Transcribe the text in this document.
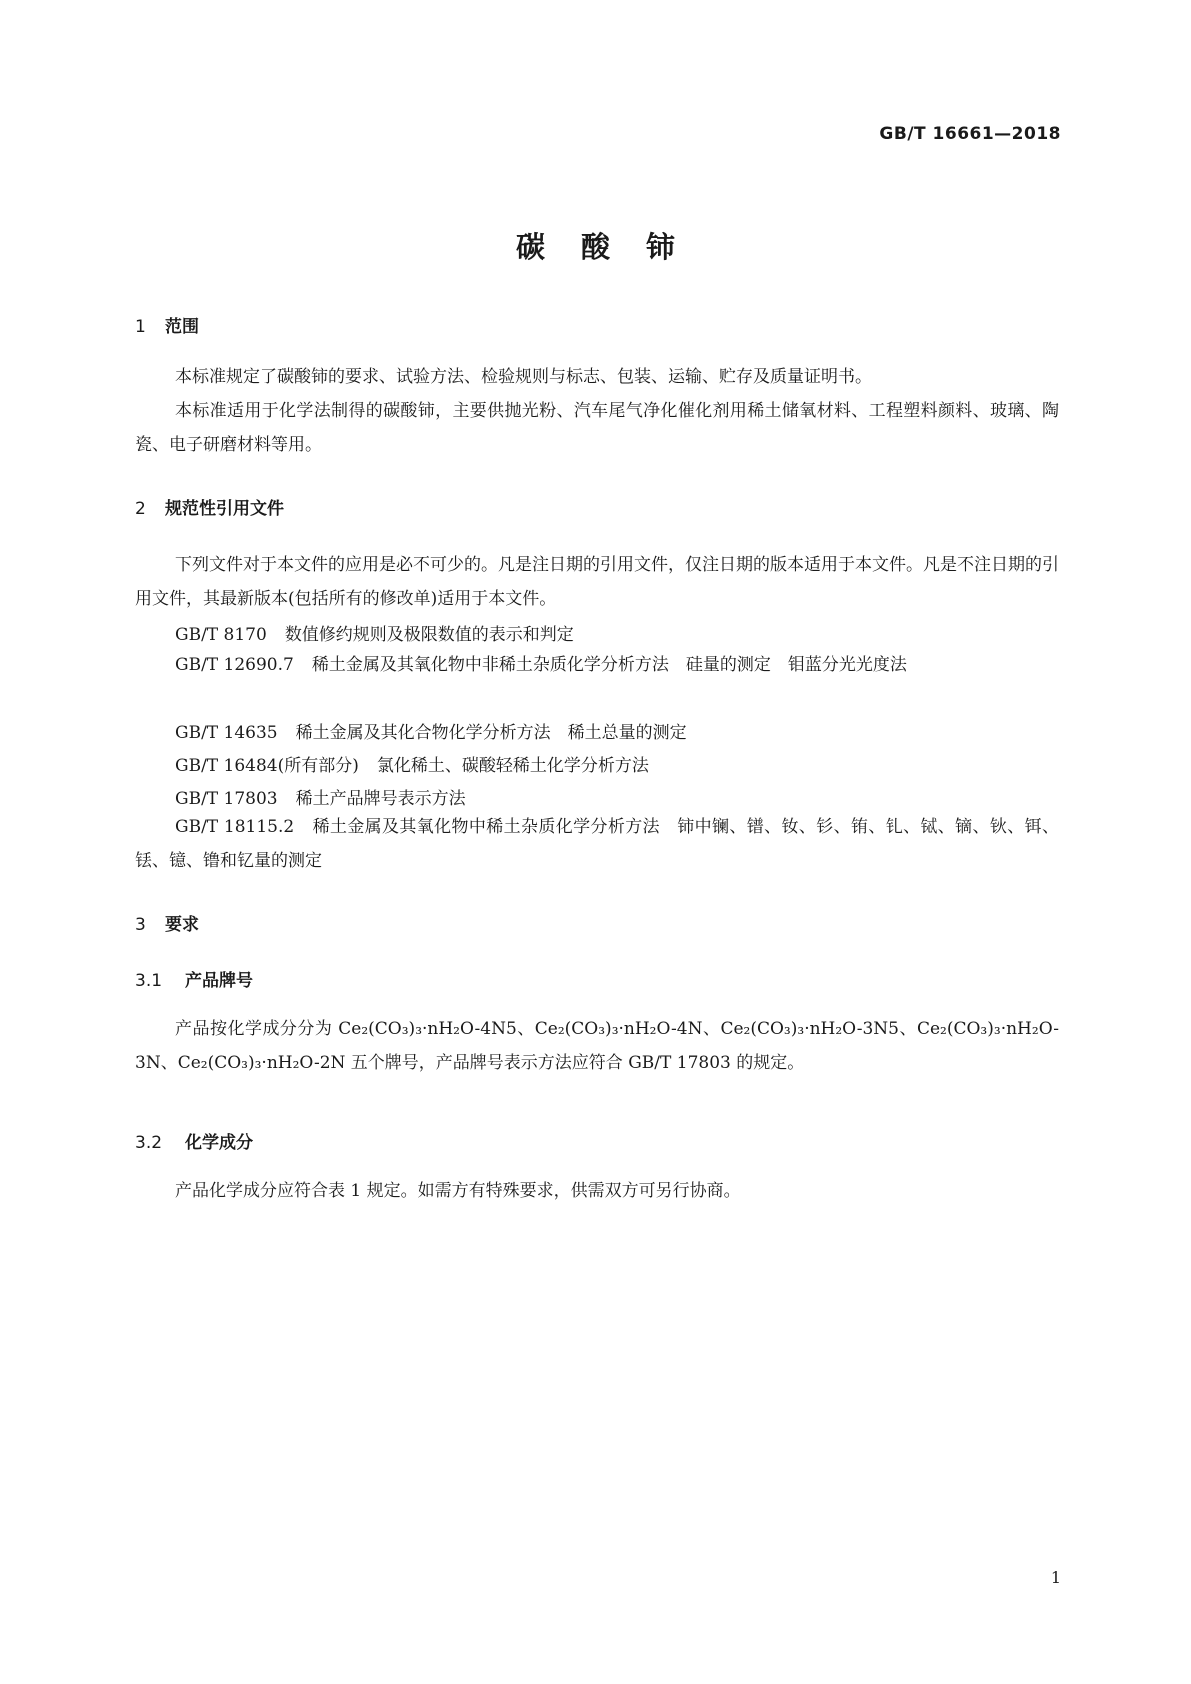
GB/T 16661—2018
碳酸铈
1 范围
本标准规定了碳酸铈的要求、试验方法、检验规则与标志、包装、运输、贮存及质量证明书。
本标准适用于化学法制得的碳酸铈，主要供抛光粉、汽车尾气净化催化剂用稀土储氧材料、工程塑料颜料、玻璃、陶瓷、电子研磨材料等用。
2 规范性引用文件
下列文件对于本文件的应用是必不可少的。凡是注日期的引用文件，仅注日期的版本适用于本文件。凡是不注日期的引用文件，其最新版本(包括所有的修改单)适用于本文件。
GB/T 8170 数值修约规则及极限数值的表示和判定
GB/T 12690.7 稀土金属及其氧化物中非稀土杂质化学分析方法　硅量的测定　钼蓝分光光度法
GB/T 14635 稀土金属及其化合物化学分析方法　稀土总量的测定
GB/T 16484(所有部分) 氯化稀土、碳酸轻稀土化学分析方法
GB/T 17803 稀土产品牌号表示方法
GB/T 18115.2 稀土金属及其氧化物中稀土杂质化学分析方法　铈中镧、镨、钕、钐、铕、钆、铽、镝、钬、铒、铥、镱、镥和钇量的测定
3 要求
3.1 产品牌号
产品按化学成分分为 Ce₂(CO₃)₃·nH₂O-4N5、Ce₂(CO₃)₃·nH₂O-4N、Ce₂(CO₃)₃·nH₂O-3N5、Ce₂(CO₃)₃·nH₂O-3N、Ce₂(CO₃)₃·nH₂O-2N 五个牌号，产品牌号表示方法应符合 GB/T 17803 的规定。
3.2 化学成分
产品化学成分应符合表 1 规定。如需方有特殊要求，供需双方可另行协商。
1
